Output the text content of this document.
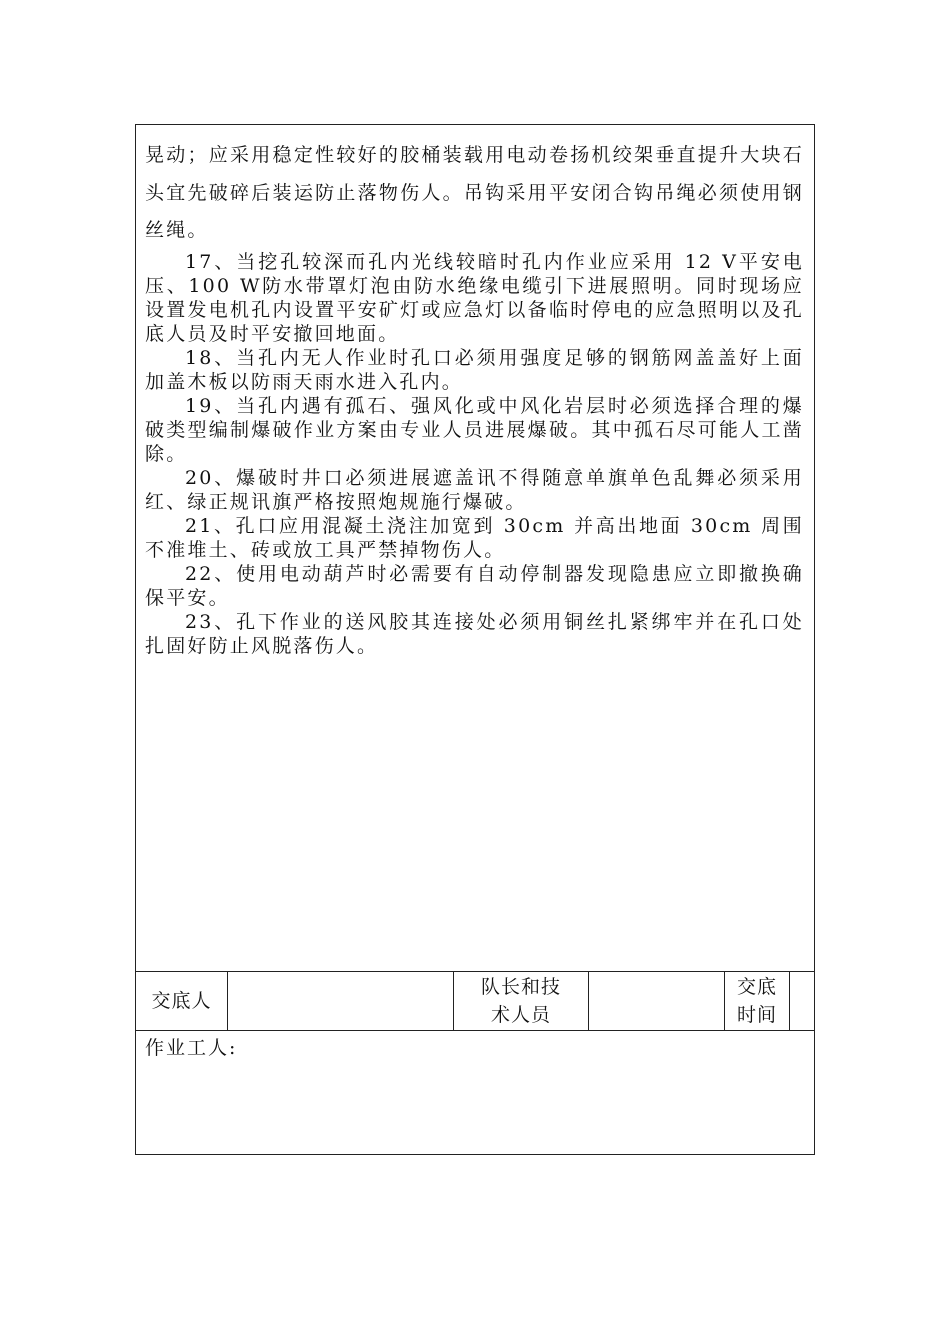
晃动；应采用稳定性较好的胶桶装载用电动卷扬机绞架垂直提升大块石头宜先破碎后装运防止落物伤人。吊钩采用平安闭合钩吊绳必须使用钢丝绳。

17、当挖孔较深而孔内光线较暗时孔内作业应采用 12 V平安电压、100 W防水带罩灯泡由防水绝缘电缆引下进展照明。同时现场应设置发电机孔内设置平安矿灯或应急灯以备临时停电的应急照明以及孔底人员及时平安撤回地面。

18、当孔内无人作业时孔口必须用强度足够的钢筋网盖盖好上面加盖木板以防雨天雨水进入孔内。

19、当孔内遇有孤石、强风化或中风化岩层时必须选择合理的爆破类型编制爆破作业方案由专业人员进展爆破。其中孤石尽可能人工凿除。

20、爆破时井口必须进展遮盖讯不得随意单旗单色乱舞必须采用红、绿正规讯旗严格按照炮规施行爆破。

21、孔口应用混凝土浇注加宽到 30cm 并高出地面 30cm 周围不准堆土、砖或放工具严禁掉物伤人。

22、使用电动葫芦时必需要有自动停制器发现隐患应立即撤换确保平安。

23、孔下作业的送风胶其连接处必须用铜丝扎紧绑牢并在孔口处扎固好防止风脱落伤人。

交底人
队长和技
术人员
交底
时间
作业工人:
